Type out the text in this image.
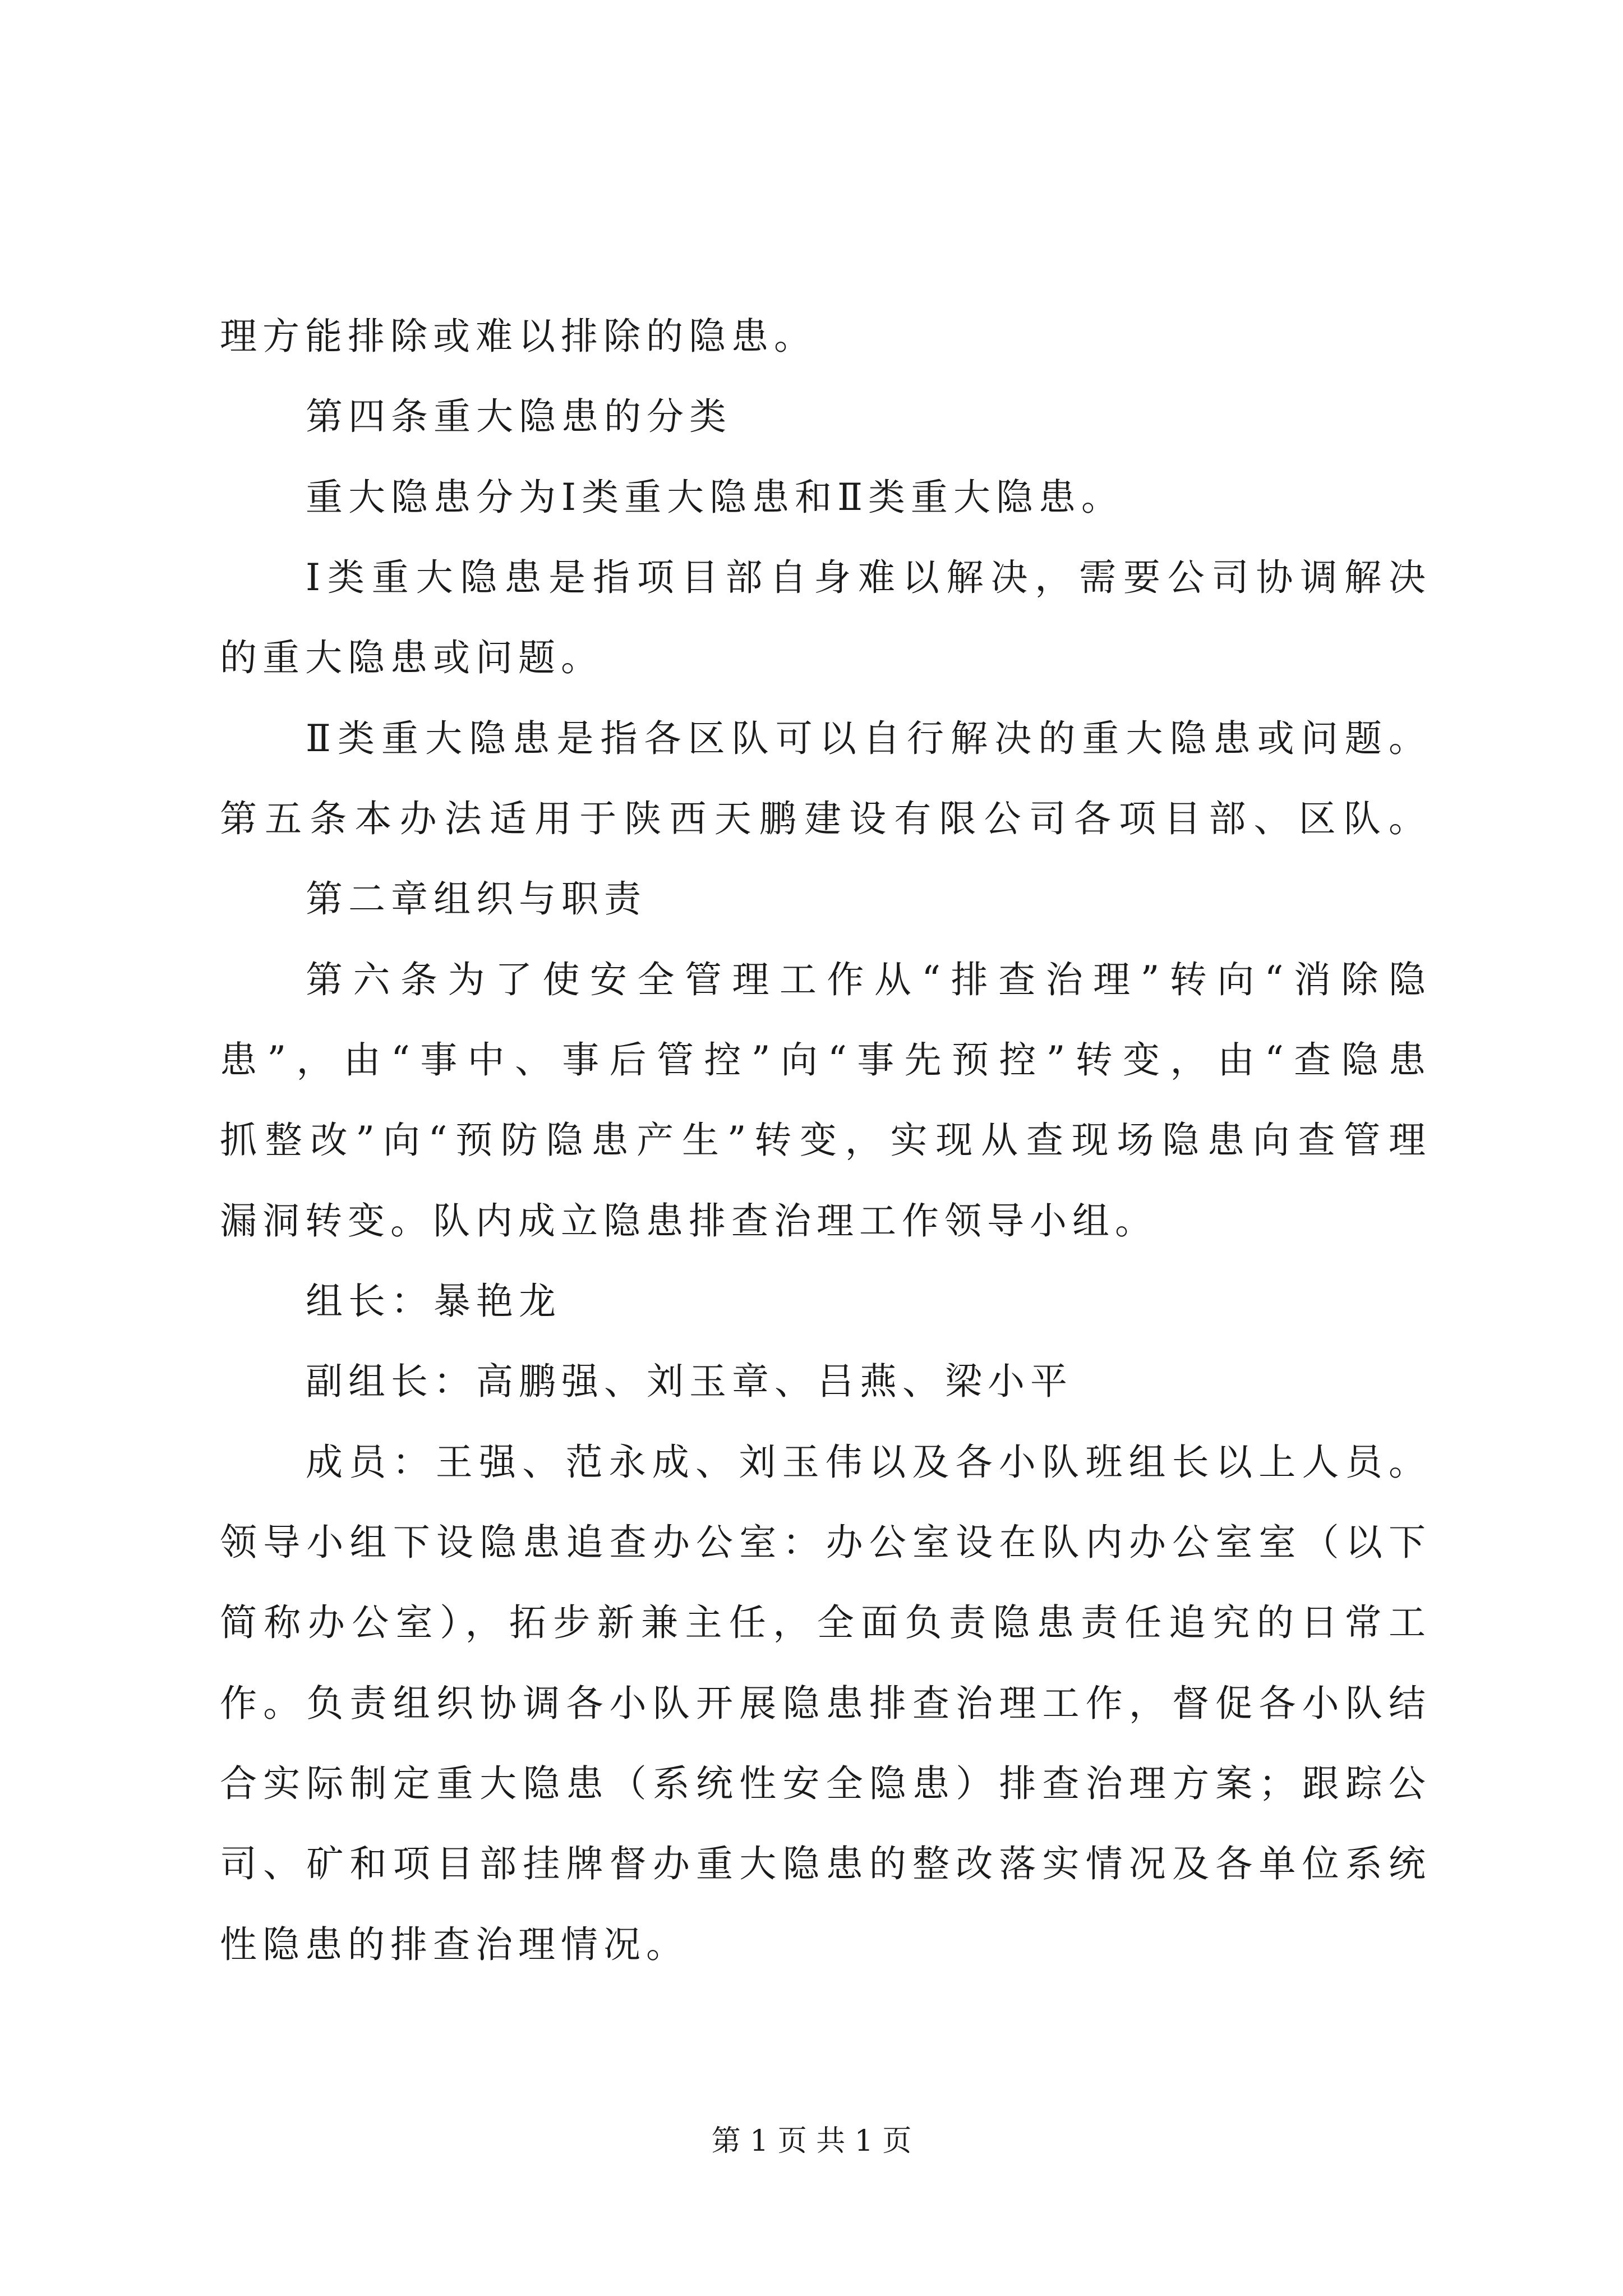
理方能排除或难以排除的隐患。
第四条重大隐患的分类
重大隐患分为Ⅰ类重大隐患和Ⅱ类重大隐患。
Ⅰ类重大隐患是指项目部自身难以解决，需要公司协调解决
的重大隐患或问题。
Ⅱ类重大隐患是指各区队可以自行解决的重大隐患或问题。
第五条本办法适用于陕西天鹏建设有限公司各项目部、区队。
第二章组织与职责
第六条为了使安全管理工作从“排查治理”转向“消除隐
患”，由“事中、事后管控”向“事先预控”转变，由“查隐患
抓整改”向“预防隐患产生”转变，实现从查现场隐患向查管理
漏洞转变。队内成立隐患排查治理工作领导小组。
组长：暴艳龙
副组长：高鹏强、刘玉章、吕燕、梁小平
成员：王强、范永成、刘玉伟以及各小队班组长以上人员。
领导小组下设隐患追查办公室：办公室设在队内办公室室（以下
简称办公室），拓步新兼主任，全面负责隐患责任追究的日常工
作。负责组织协调各小队开展隐患排查治理工作，督促各小队结
合实际制定重大隐患（系统性安全隐患）排查治理方案；跟踪公
司、矿和项目部挂牌督办重大隐患的整改落实情况及各单位系统
性隐患的排查治理情况。
第 1 页 共 1 页
